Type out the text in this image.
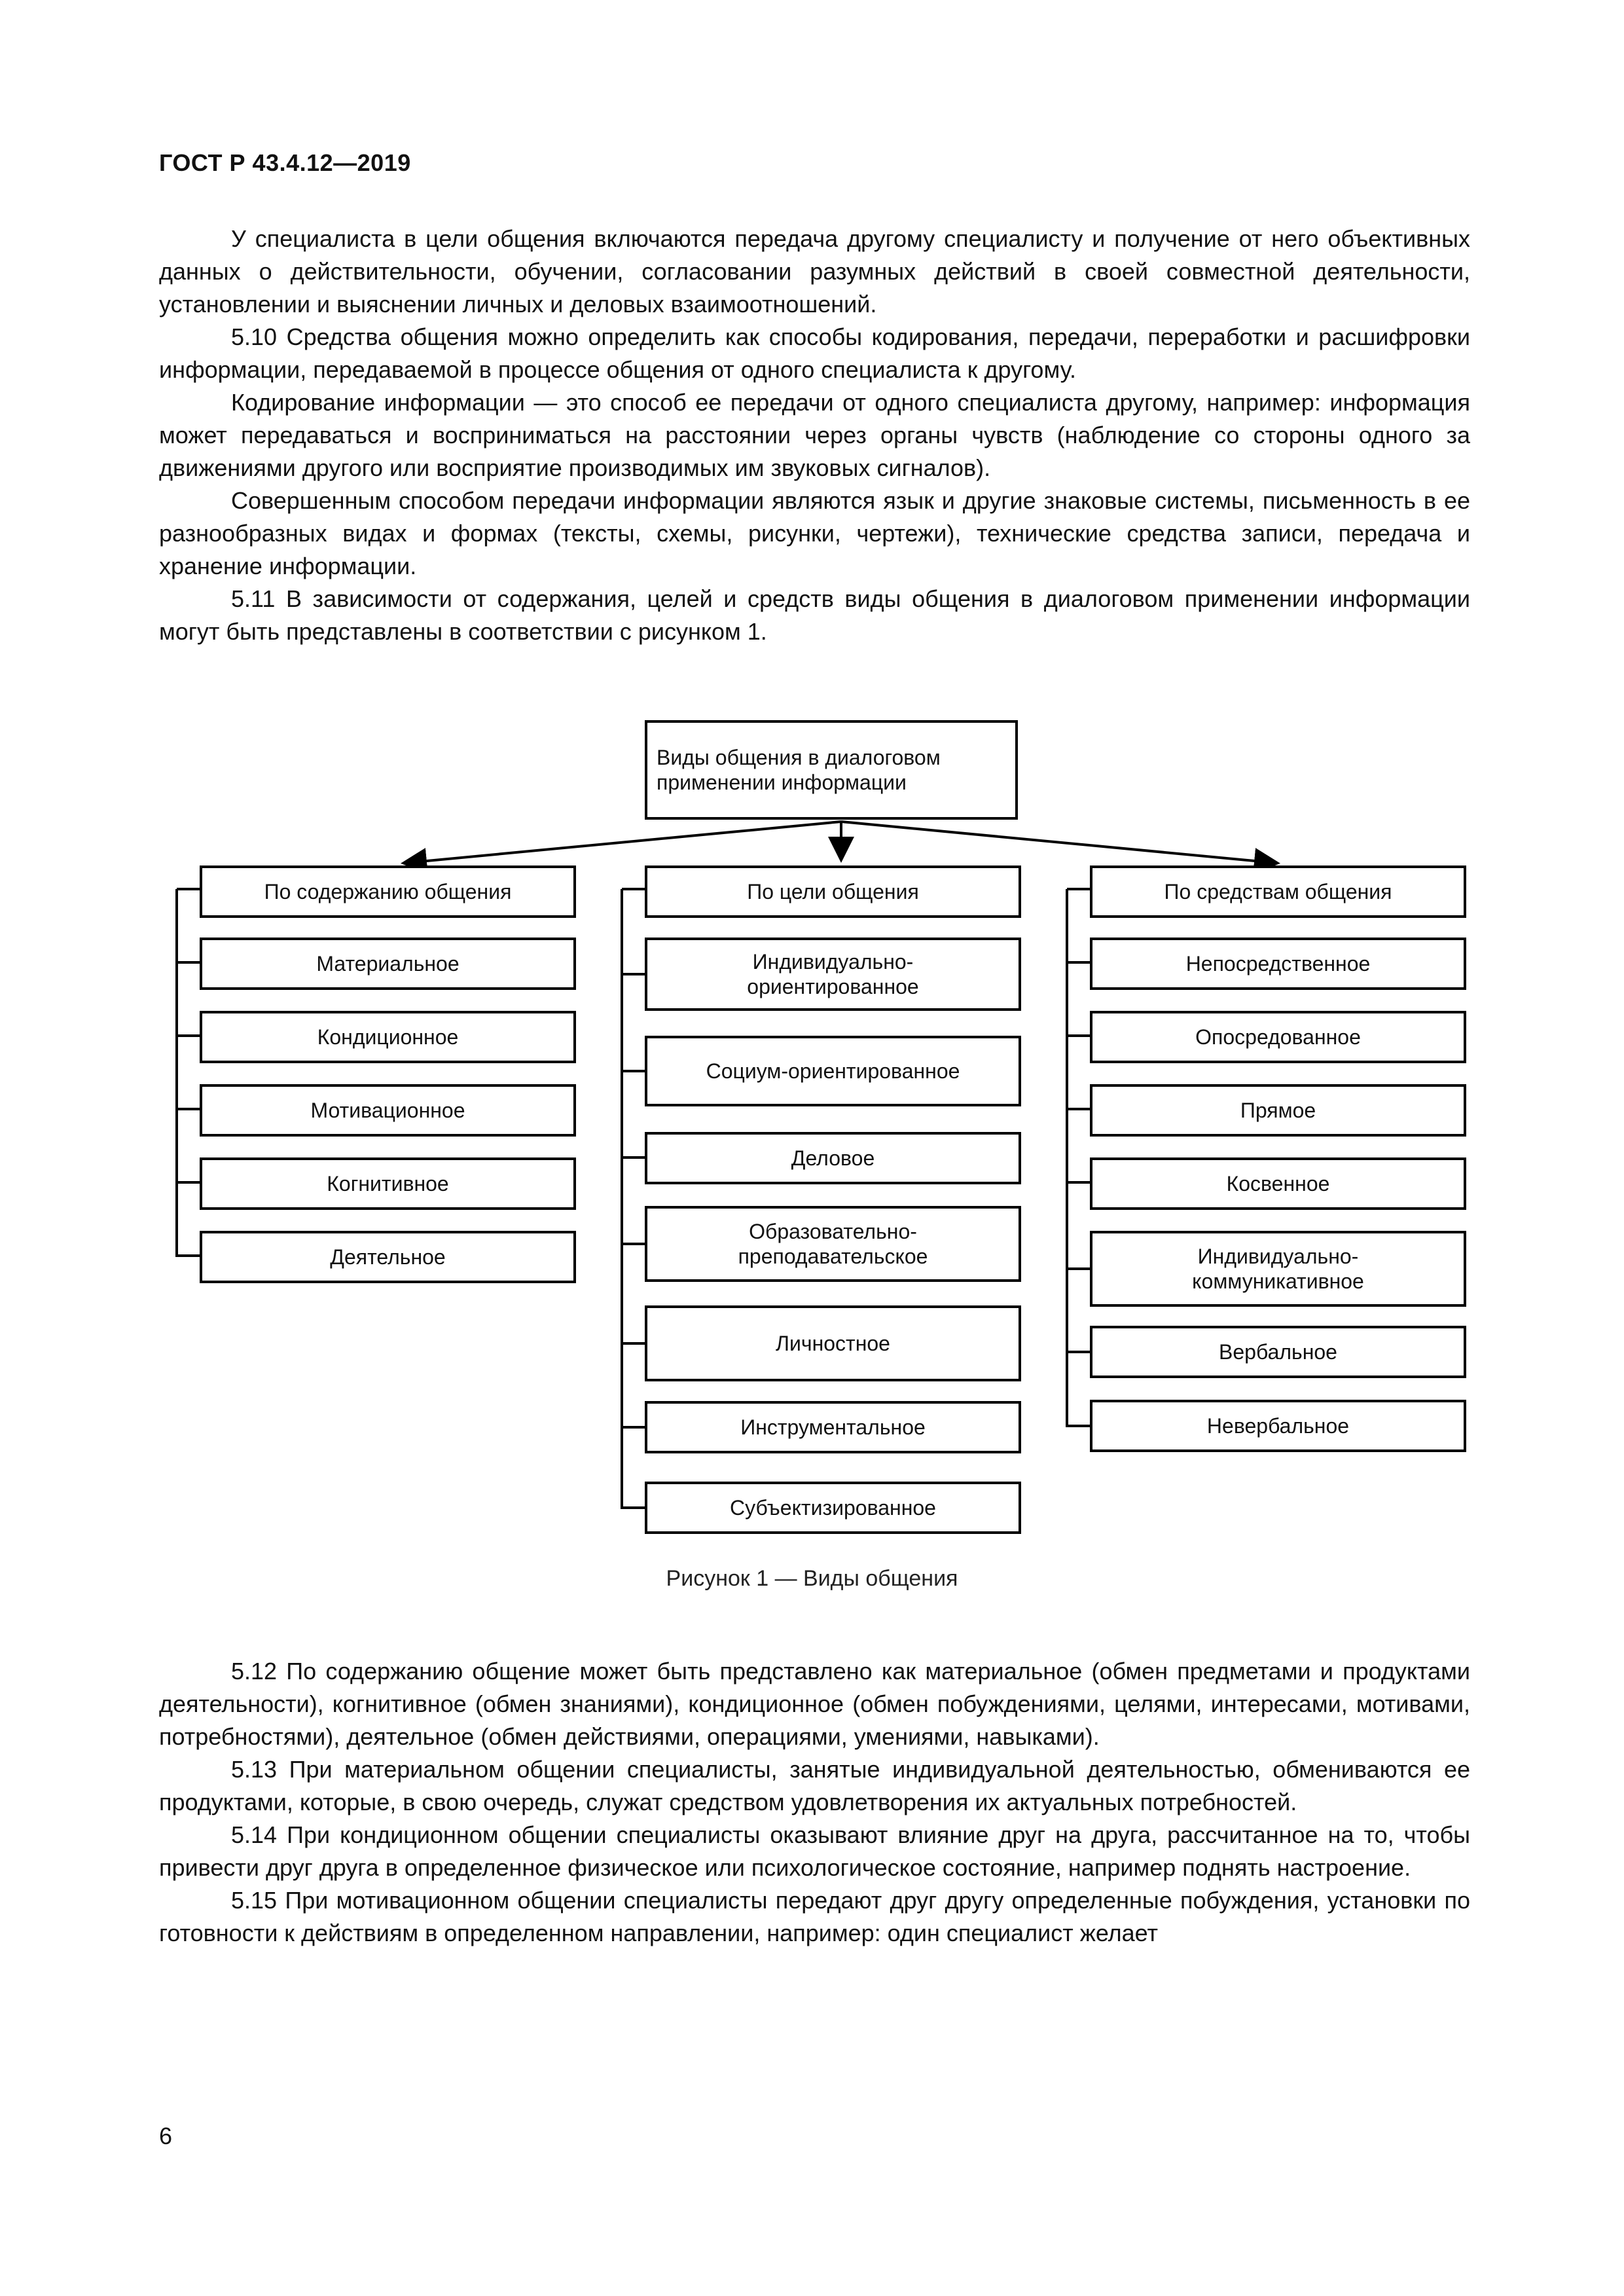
ГОСТ Р 43.4.12—2019

У специалиста в цели общения включаются передача другому специалисту и получение от него объективных данных о действительности, обучении, согласовании разумных действий в своей совместной деятельности, установлении и выяснении личных и деловых взаимоотношений.

5.10 Средства общения можно определить как способы кодирования, передачи, переработки и расшифровки информации, передаваемой в процессе общения от одного специалиста к другому.

Кодирование информации — это способ ее передачи от одного специалиста другому, например: информация может передаваться и восприниматься на расстоянии через органы чувств (наблюдение со стороны одного за движениями другого или восприятие производимых им звуковых сигналов).

Совершенным способом передачи информации являются язык и другие знаковые системы, письменность в ее разнообразных видах и формах (тексты, схемы, рисунки, чертежи), технические средства записи, передача и хранение информации.

5.11 В зависимости от содержания, целей и средств виды общения в диалоговом применении информации могут быть представлены в соответствии с рисунком 1.

Виды общения в диалоговом применении информации
По содержанию общения
Материальное
Кондиционное
Мотивационное
Когнитивное
Деятельное
По цели общения
Индивидуально-ориентированное
Социум-ориентированное
Деловое
Образовательно-преподавательское
Личностное
Инструментальное
Субъектизированное
По средствам общения
Непосредственное
Опосредованное
Прямое
Косвенное
Индивидуально-коммуникативное
Вербальное
Невербальное
Рисунок 1 — Виды общения

5.12 По содержанию общение может быть представлено как материальное (обмен предметами и продуктами деятельности), когнитивное (обмен знаниями), кондиционное (обмен побуждениями, целями, интересами, мотивами, потребностями), деятельное (обмен действиями, операциями, умениями, навыками).

5.13 При материальном общении специалисты, занятые индивидуальной деятельностью, обмениваются ее продуктами, которые, в свою очередь, служат средством удовлетворения их актуальных потребностей.

5.14 При кондиционном общении специалисты оказывают влияние друг на друга, рассчитанное на то, чтобы привести друг друга в определенное физическое или психологическое состояние, например поднять настроение.

5.15 При мотивационном общении специалисты передают друг другу определенные побуждения, установки по готовности к действиям в определенном направлении, например: один специалист желает

6
